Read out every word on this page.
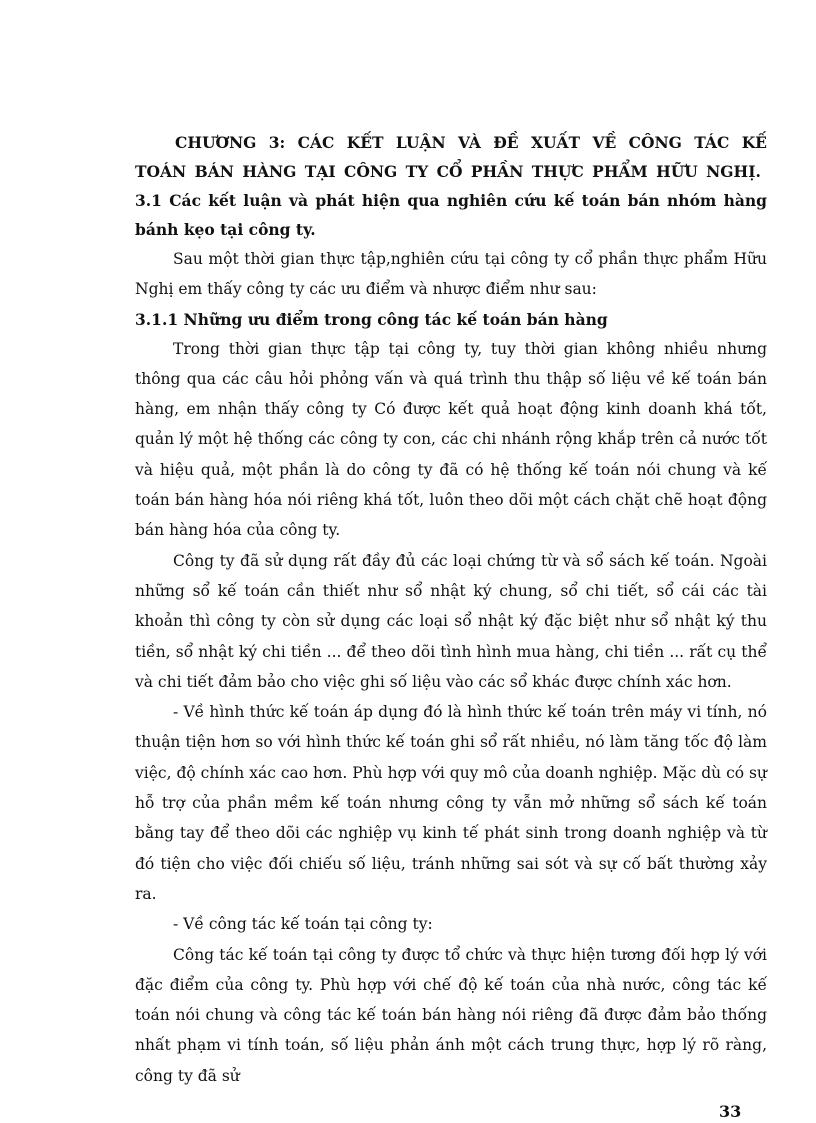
CHƯƠNG 3: CÁC KẾT LUẬN VÀ ĐỀ XUẤT VỀ CÔNG TÁC KẾ
TOÁN BÁN HÀNG TẠI CÔNG TY CỔ PHẦN THỰC PHẨM HỮU NGHỊ.
3.1 Các kết luận và phát hiện qua nghiên cứu kế toán bán nhóm hàng bánh kẹo tại công ty.

Sau một thời gian thực tập,nghiên cứu tại công ty cổ phần thực phẩm Hữu Nghị em thấy công ty các ưu điểm và nhược điểm như sau:

3.1.1 Những ưu điểm trong công tác kế toán bán hàng

Trong thời gian thực tập tại công ty, tuy thời gian không nhiều nhưng thông qua các câu hỏi phỏng vấn và quá trình thu thập số liệu về kế toán bán hàng, em nhận thấy công ty Có được kết quả hoạt động kinh doanh khá tốt, quản lý một hệ thống các công ty con, các chi nhánh rộng khắp trên cả nước tốt và hiệu quả, một phần là do công ty đã có hệ thống kế toán nói chung và kế toán bán hàng hóa nói riêng khá tốt, luôn theo dõi một cách chặt chẽ hoạt động bán hàng hóa của công ty.

Công ty đã sử dụng rất đầy đủ các loại chứng từ và sổ sách kế toán. Ngoài những sổ kế toán cần thiết như sổ nhật ký chung, sổ chi tiết, sổ cái các tài khoản thì công ty còn sử dụng các loại sổ nhật ký đặc biệt như sổ nhật ký thu tiền, sổ nhật ký chi tiền ... để theo dõi tình hình mua hàng, chi tiền ... rất cụ thể và chi tiết đảm bảo cho việc ghi số liệu vào các sổ khác được chính xác hơn.

- Về hình thức kế toán áp dụng đó là hình thức kế toán trên máy vi tính, nó thuận tiện hơn so với hình thức kế toán ghi sổ rất nhiều, nó làm tăng tốc độ làm việc, độ chính xác cao hơn. Phù hợp với quy mô của doanh nghiệp. Mặc dù có sự hỗ trợ của phần mềm kế toán nhưng công ty vẫn mở những sổ sách kế toán bằng tay để theo dõi các nghiệp vụ kinh tế phát sinh trong doanh nghiệp và từ đó tiện cho việc đối chiếu số liệu, tránh những sai sót và sự cố bất thường xảy ra.

- Về công tác kế toán tại công ty:

Công tác kế toán tại công ty được tổ chức và thực hiện tương đối hợp lý với đặc điểm của công ty. Phù hợp với chế độ kế toán của nhà nước, công tác kế toán nói chung và công tác kế toán bán hàng nói riêng đã được đảm bảo thống nhất phạm vi tính toán, số liệu phản ánh một cách trung thực, hợp lý rõ ràng, công ty đã sử

33
